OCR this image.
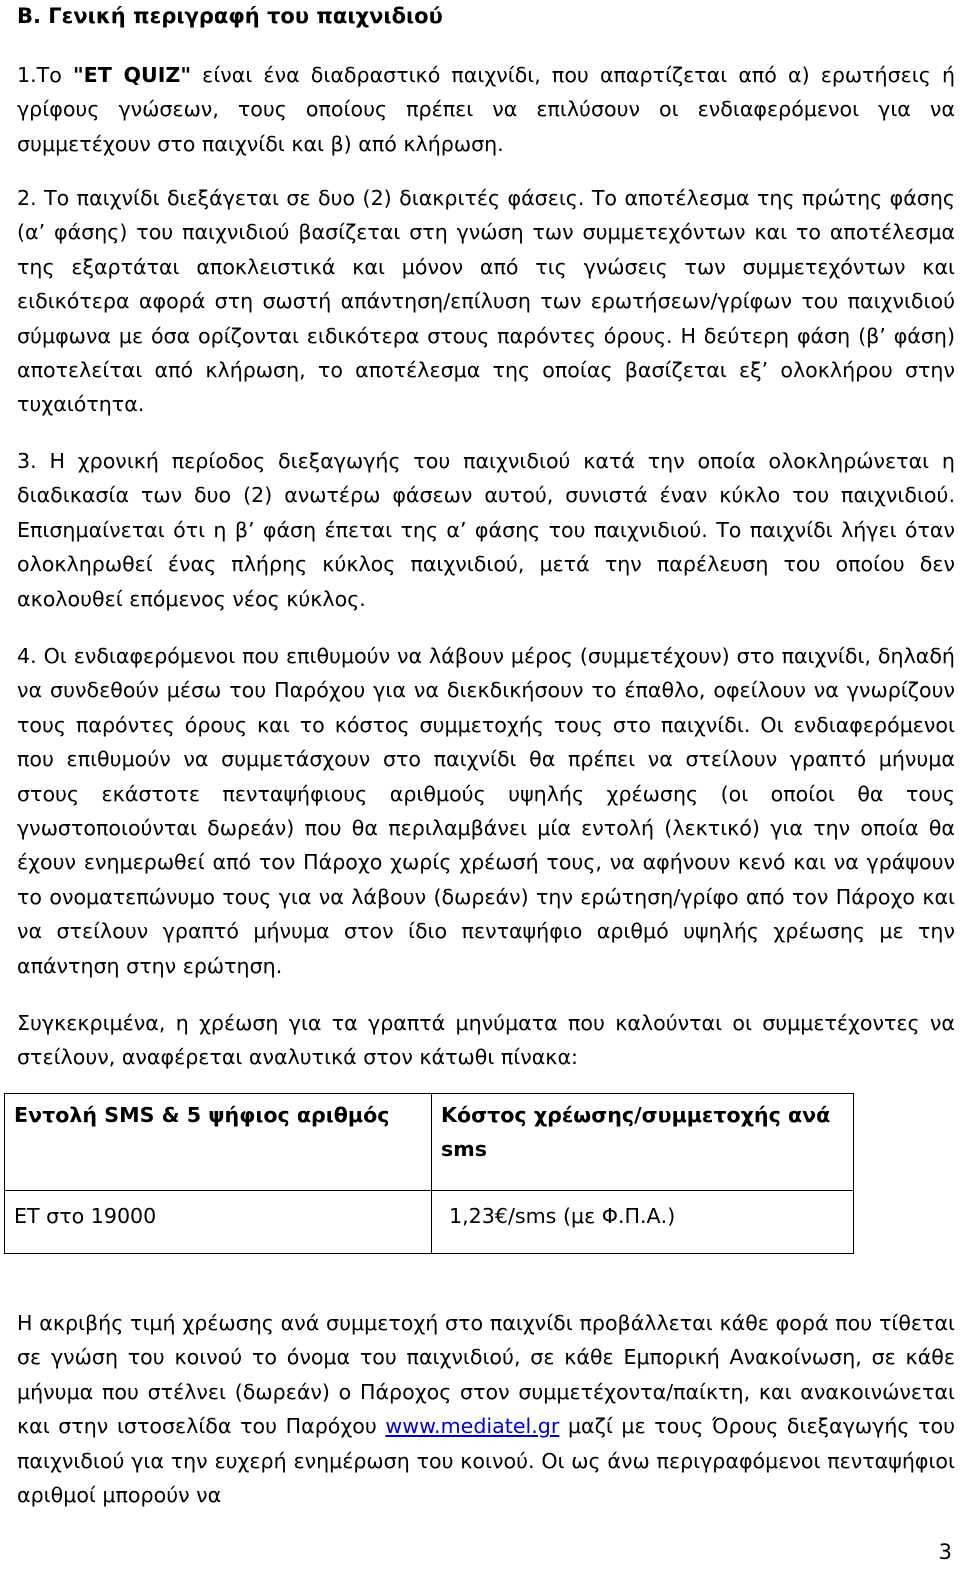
Β. Γενική περιγραφή του παιχνιδιού
1.Το "ET QUIZ" είναι ένα διαδραστικό παιχνίδι, που απαρτίζεται από α) ερωτήσεις ή γρίφους γνώσεων, τους οποίους πρέπει να επιλύσουν οι ενδιαφερόμενοι για να συμμετέχουν στο παιχνίδι και β) από κλήρωση.
2. Το παιχνίδι διεξάγεται σε δυο (2) διακριτές φάσεις. Το αποτέλεσμα της πρώτης φάσης (α’ φάσης) του παιχνιδιού βασίζεται στη γνώση των συμμετεχόντων και το αποτέλεσμα της εξαρτάται αποκλειστικά και μόνον από τις γνώσεις των συμμετεχόντων και ειδικότερα αφορά στη σωστή απάντηση/επίλυση των ερωτήσεων/γρίφων του παιχνιδιού σύμφωνα με όσα ορίζονται ειδικότερα στους παρόντες όρους. Η δεύτερη φάση (β’ φάση) αποτελείται από κλήρωση, το αποτέλεσμα της οποίας βασίζεται εξ’ ολοκλήρου στην τυχαιότητα.
3. Η χρονική περίοδος διεξαγωγής του παιχνιδιού κατά την οποία ολοκληρώνεται η διαδικασία των δυο (2) ανωτέρω φάσεων αυτού, συνιστά έναν κύκλο του παιχνιδιού. Επισημαίνεται ότι η β’ φάση έπεται της α’ φάσης του παιχνιδιού. Το παιχνίδι λήγει όταν ολοκληρωθεί ένας πλήρης κύκλος παιχνιδιού, μετά την παρέλευση του οποίου δεν ακολουθεί επόμενος νέος κύκλος.
4. Οι ενδιαφερόμενοι που επιθυμούν να λάβουν μέρος (συμμετέχουν) στο παιχνίδι, δηλαδή να συνδεθούν μέσω του Παρόχου για να διεκδικήσουν το έπαθλο, οφείλουν να γνωρίζουν τους παρόντες όρους και το κόστος συμμετοχής τους στο παιχνίδι. Οι ενδιαφερόμενοι που επιθυμούν να συμμετάσχουν στο παιχνίδι θα πρέπει να στείλουν γραπτό μήνυμα στους εκάστοτε πενταψήφιους αριθμούς υψηλής χρέωσης (οι οποίοι θα τους γνωστοποιούνται δωρεάν) που θα περιλαμβάνει μία εντολή (λεκτικό) για την οποία θα έχουν ενημερωθεί από τον Πάροχο χωρίς χρέωσή τους, να αφήνουν κενό και να γράψουν το ονοματεπώνυμο τους για να λάβουν (δωρεάν) την ερώτηση/γρίφο από τον Πάροχο και να στείλουν γραπτό μήνυμα στον ίδιο πενταψήφιο αριθμό υψηλής χρέωσης με την απάντηση στην ερώτηση.
Συγκεκριμένα, η χρέωση για τα γραπτά μηνύματα που καλούνται οι συμμετέχοντες να στείλουν, αναφέρεται αναλυτικά στον κάτωθι πίνακα:
Εντολή SMS & 5 ψήφιος αριθμός	Κόστος χρέωσης/συμμετοχής ανά sms
ET στο 19000	1,23€/sms (με Φ.Π.Α.)
Η ακριβής τιμή χρέωσης ανά συμμετοχή στο παιχνίδι προβάλλεται κάθε φορά που τίθεται σε γνώση του κοινού το όνομα του παιχνιδιού, σε κάθε Εμπορική Ανακοίνωση, σε κάθε μήνυμα που στέλνει (δωρεάν) ο Πάροχος στον συμμετέχοντα/παίκτη, και ανακοινώνεται και στην ιστοσελίδα του Παρόχου www.mediatel.gr μαζί με τους Όρους διεξαγωγής του παιχνιδιού για την ευχερή ενημέρωση του κοινού. Οι ως άνω περιγραφόμενοι πενταψήφιοι αριθμοί μπορούν να
3
